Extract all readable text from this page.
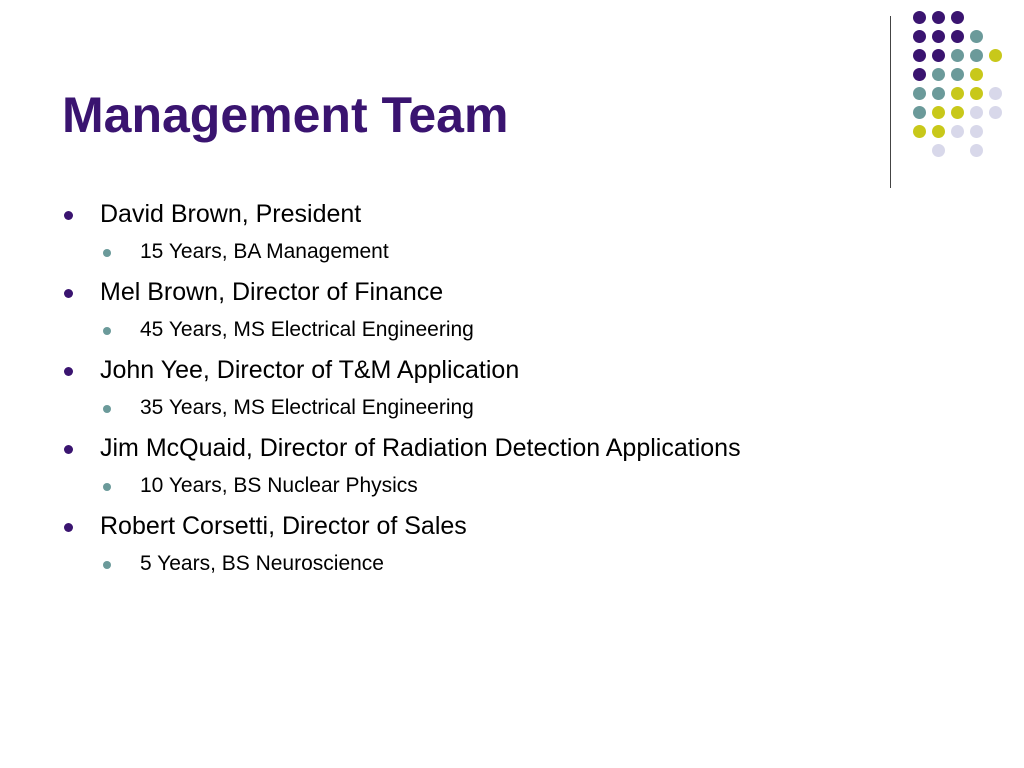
Management Team
David Brown, President
15 Years, BA Management
Mel Brown, Director of Finance
45 Years, MS Electrical Engineering
John Yee, Director of T&M Application
35 Years, MS Electrical Engineering
Jim McQuaid, Director of Radiation Detection Applications
10 Years, BS Nuclear Physics
Robert Corsetti, Director of Sales
5 Years, BS Neuroscience
